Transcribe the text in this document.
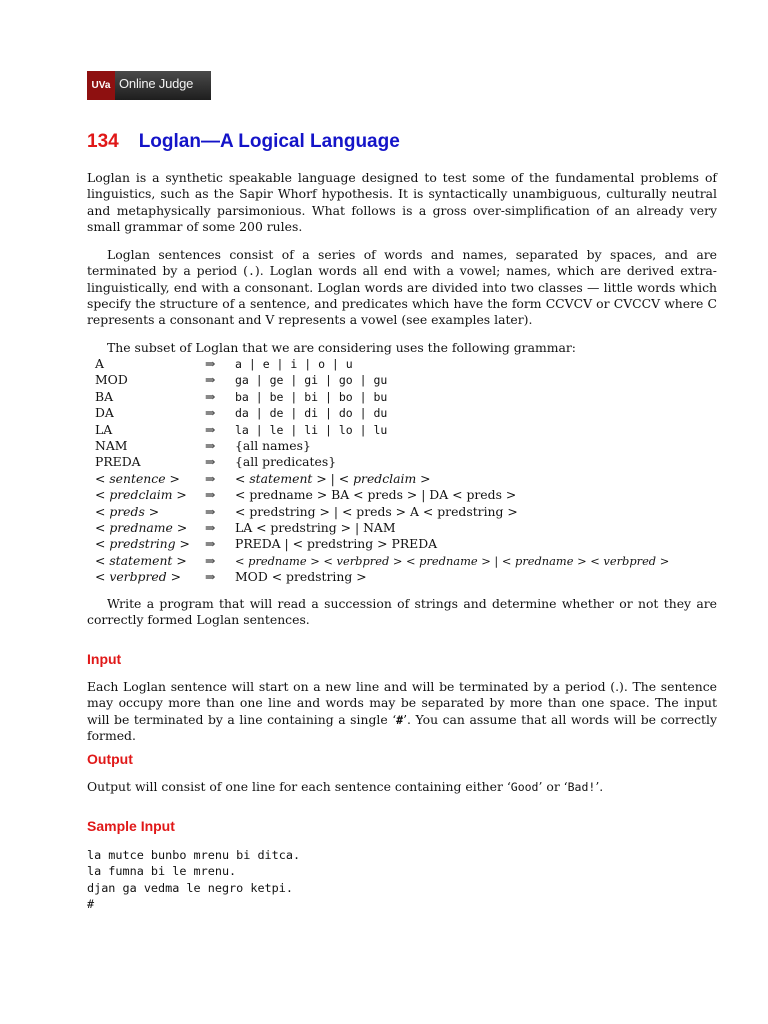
UVa Online Judge
134 Loglan—A Logical Language

Loglan is a synthetic speakable language designed to test some of the fundamental problems of linguistics, such as the Sapir Whorf hypothesis. It is syntactically unambiguous, culturally neutral and metaphysically parsimonious. What follows is a gross over-simplification of an already very small grammar of some 200 rules.

Loglan sentences consist of a series of words and names, separated by spaces, and are terminated by a period (.). Loglan words all end with a vowel; names, which are derived extra-linguistically, end with a consonant. Loglan words are divided into two classes — little words which specify the structure of a sentence, and predicates which have the form CCVCV or CVCCV where C represents a consonant and V represents a vowel (see examples later).

The subset of Loglan that we are considering uses the following grammar:

A	⇒ a | e | i | o | u
MOD	⇒ ga | ge | gi | go | gu
BA	⇒ ba | be | bi | bo | bu
DA	⇒ da | de | di | do | du
LA	⇒ la | le | li | lo | lu
NAM	⇒ {all names}
PREDA	⇒ {all predicates}
< sentence > ⇒ < statement > | < predclaim >
< predclaim > ⇒ < predname > BA < preds > | DA < preds >
< preds >	⇒ < predstring > | < preds > A < predstring >
< predname > ⇒ LA < predstring > | NAM
< predstring > ⇒ PREDA | < predstring > PREDA
< statement > ⇒ < predname > < verbpred > < predname > | < predname > < verbpred >
< verbpred > ⇒ MOD < predstring >

Write a program that will read a succession of strings and determine whether or not they are correctly formed Loglan sentences.

Input

Each Loglan sentence will start on a new line and will be terminated by a period (.). The sentence may occupy more than one line and words may be separated by more than one space. The input will be terminated by a line containing a single ‘#’. You can assume that all words will be correctly formed.

Output

Output will consist of one line for each sentence containing either ‘Good’ or ‘Bad!’.

Sample Input
la mutce bunbo mrenu bi ditca.
la fumna bi le mrenu.
djan ga vedma le negro ketpi.
#
